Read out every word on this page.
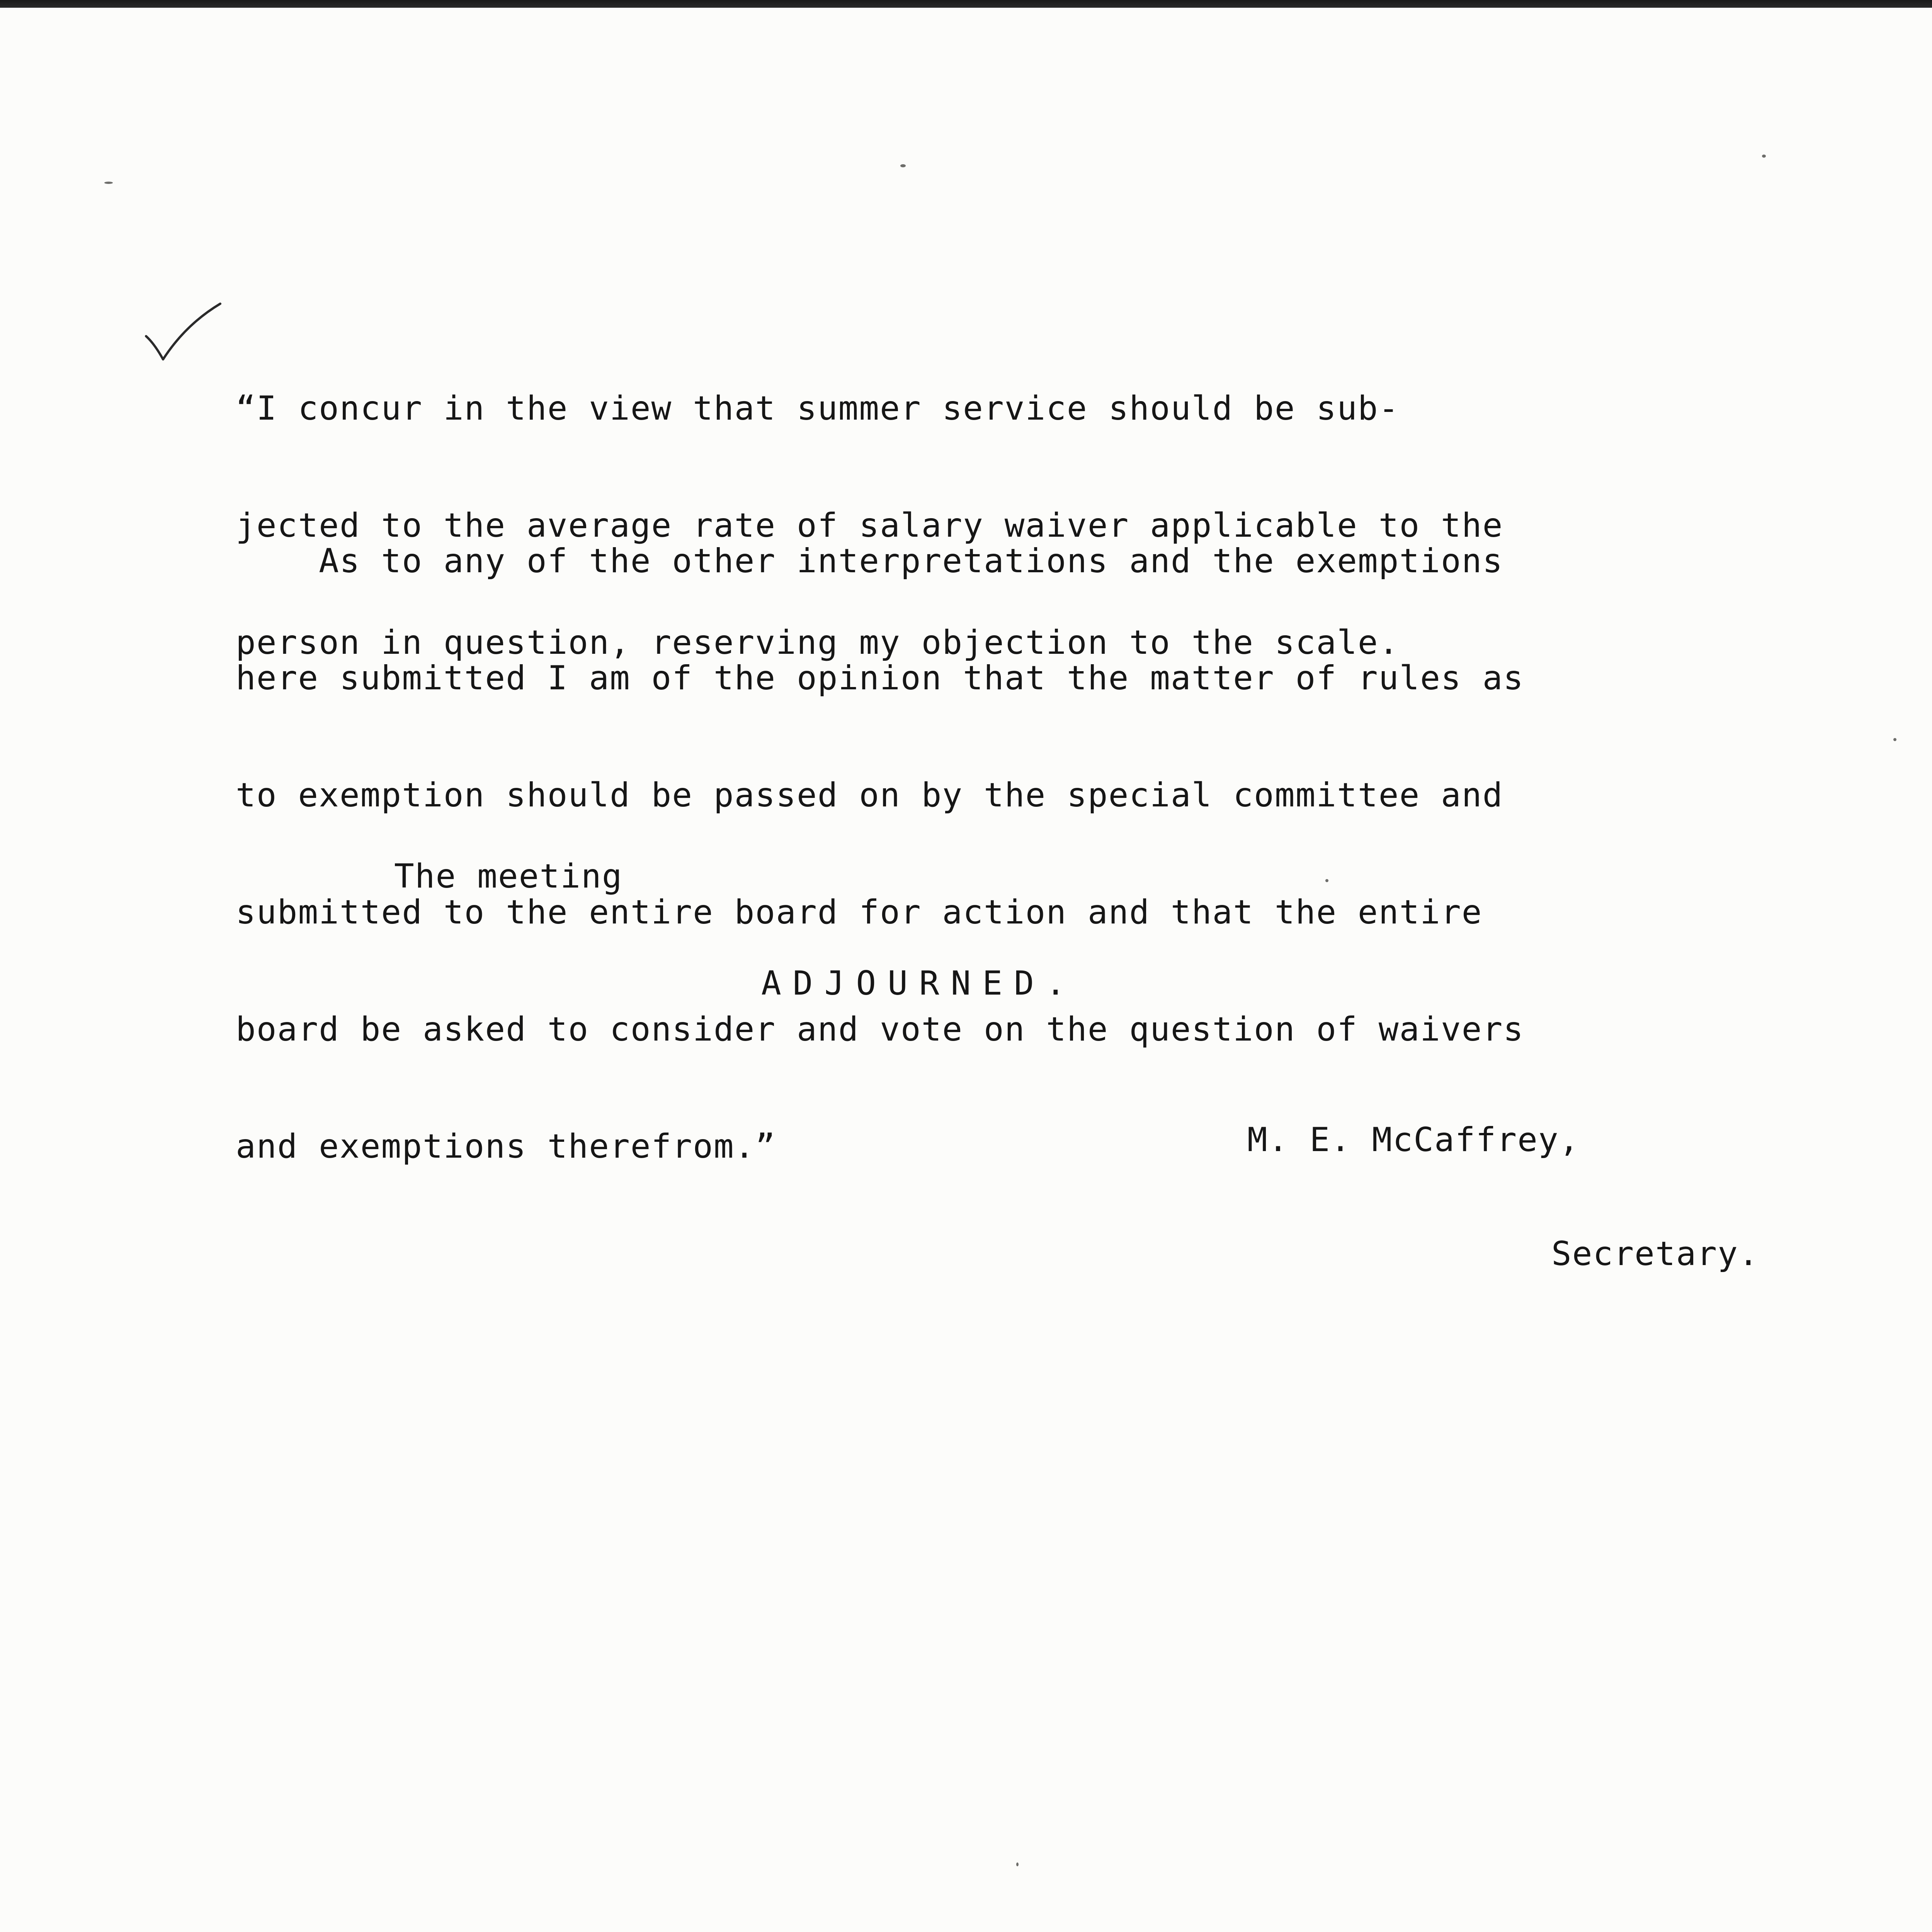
“I concur in the view that summer service should be sub-

jected to the average rate of salary waiver applicable to the

person in question, reserving my objection to the scale.

As to any of the other interpretations and the exemptions

here submitted I am of the opinion that the matter of rules as

to exemption should be passed on by the special committee and

submitted to the entire board for action and that the entire

board be asked to consider and vote on the question of waivers

and exemptions therefrom.”

The meeting
ADJOURNED.
M. E. McCaffrey,
Secretary.
